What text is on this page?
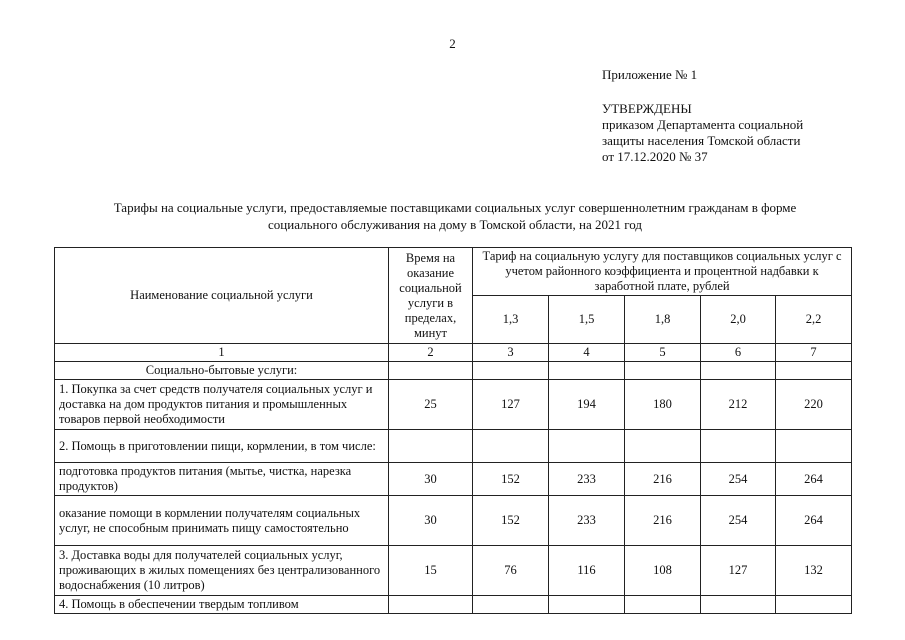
2
Приложение № 1
УТВЕРЖДЕНЫ
приказом Департамента социальной
защиты населения Томской области
от 17.12.2020 № 37
Тарифы на социальные услуги, предоставляемые поставщиками социальных услуг совершеннолетним гражданам в форме
социального обслуживания на дому в Томской области, на 2021 год
Наименование социальной услуги	Время на оказание социальной услуги в пределах, минут	Тариф на социальную услугу для поставщиков социальных услуг с учетом районного коэффициента и процентной надбавки к заработной плате, рублей				
		1,3	1,5	1,8	2,0	2,2
1	2	3	4	5	6	7
Социально-бытовые услуги:						
1. Покупка за счет средств получателя социальных услуг и доставка на дом продуктов питания и промышленных товаров первой необходимости	25	127	194	180	212	220
2. Помощь в приготовлении пищи, кормлении, в том числе:						
подготовка продуктов питания (мытье, чистка, нарезка продуктов)	30	152	233	216	254	264
оказание помощи в кормлении получателям социальных услуг, не способным принимать пищу самостоятельно	30	152	233	216	254	264
3. Доставка воды для получателей социальных услуг, проживающих в жилых помещениях без централизованного водоснабжения (10 литров)	15	76	116	108	127	132
4. Помощь в обеспечении твердым топливом						
